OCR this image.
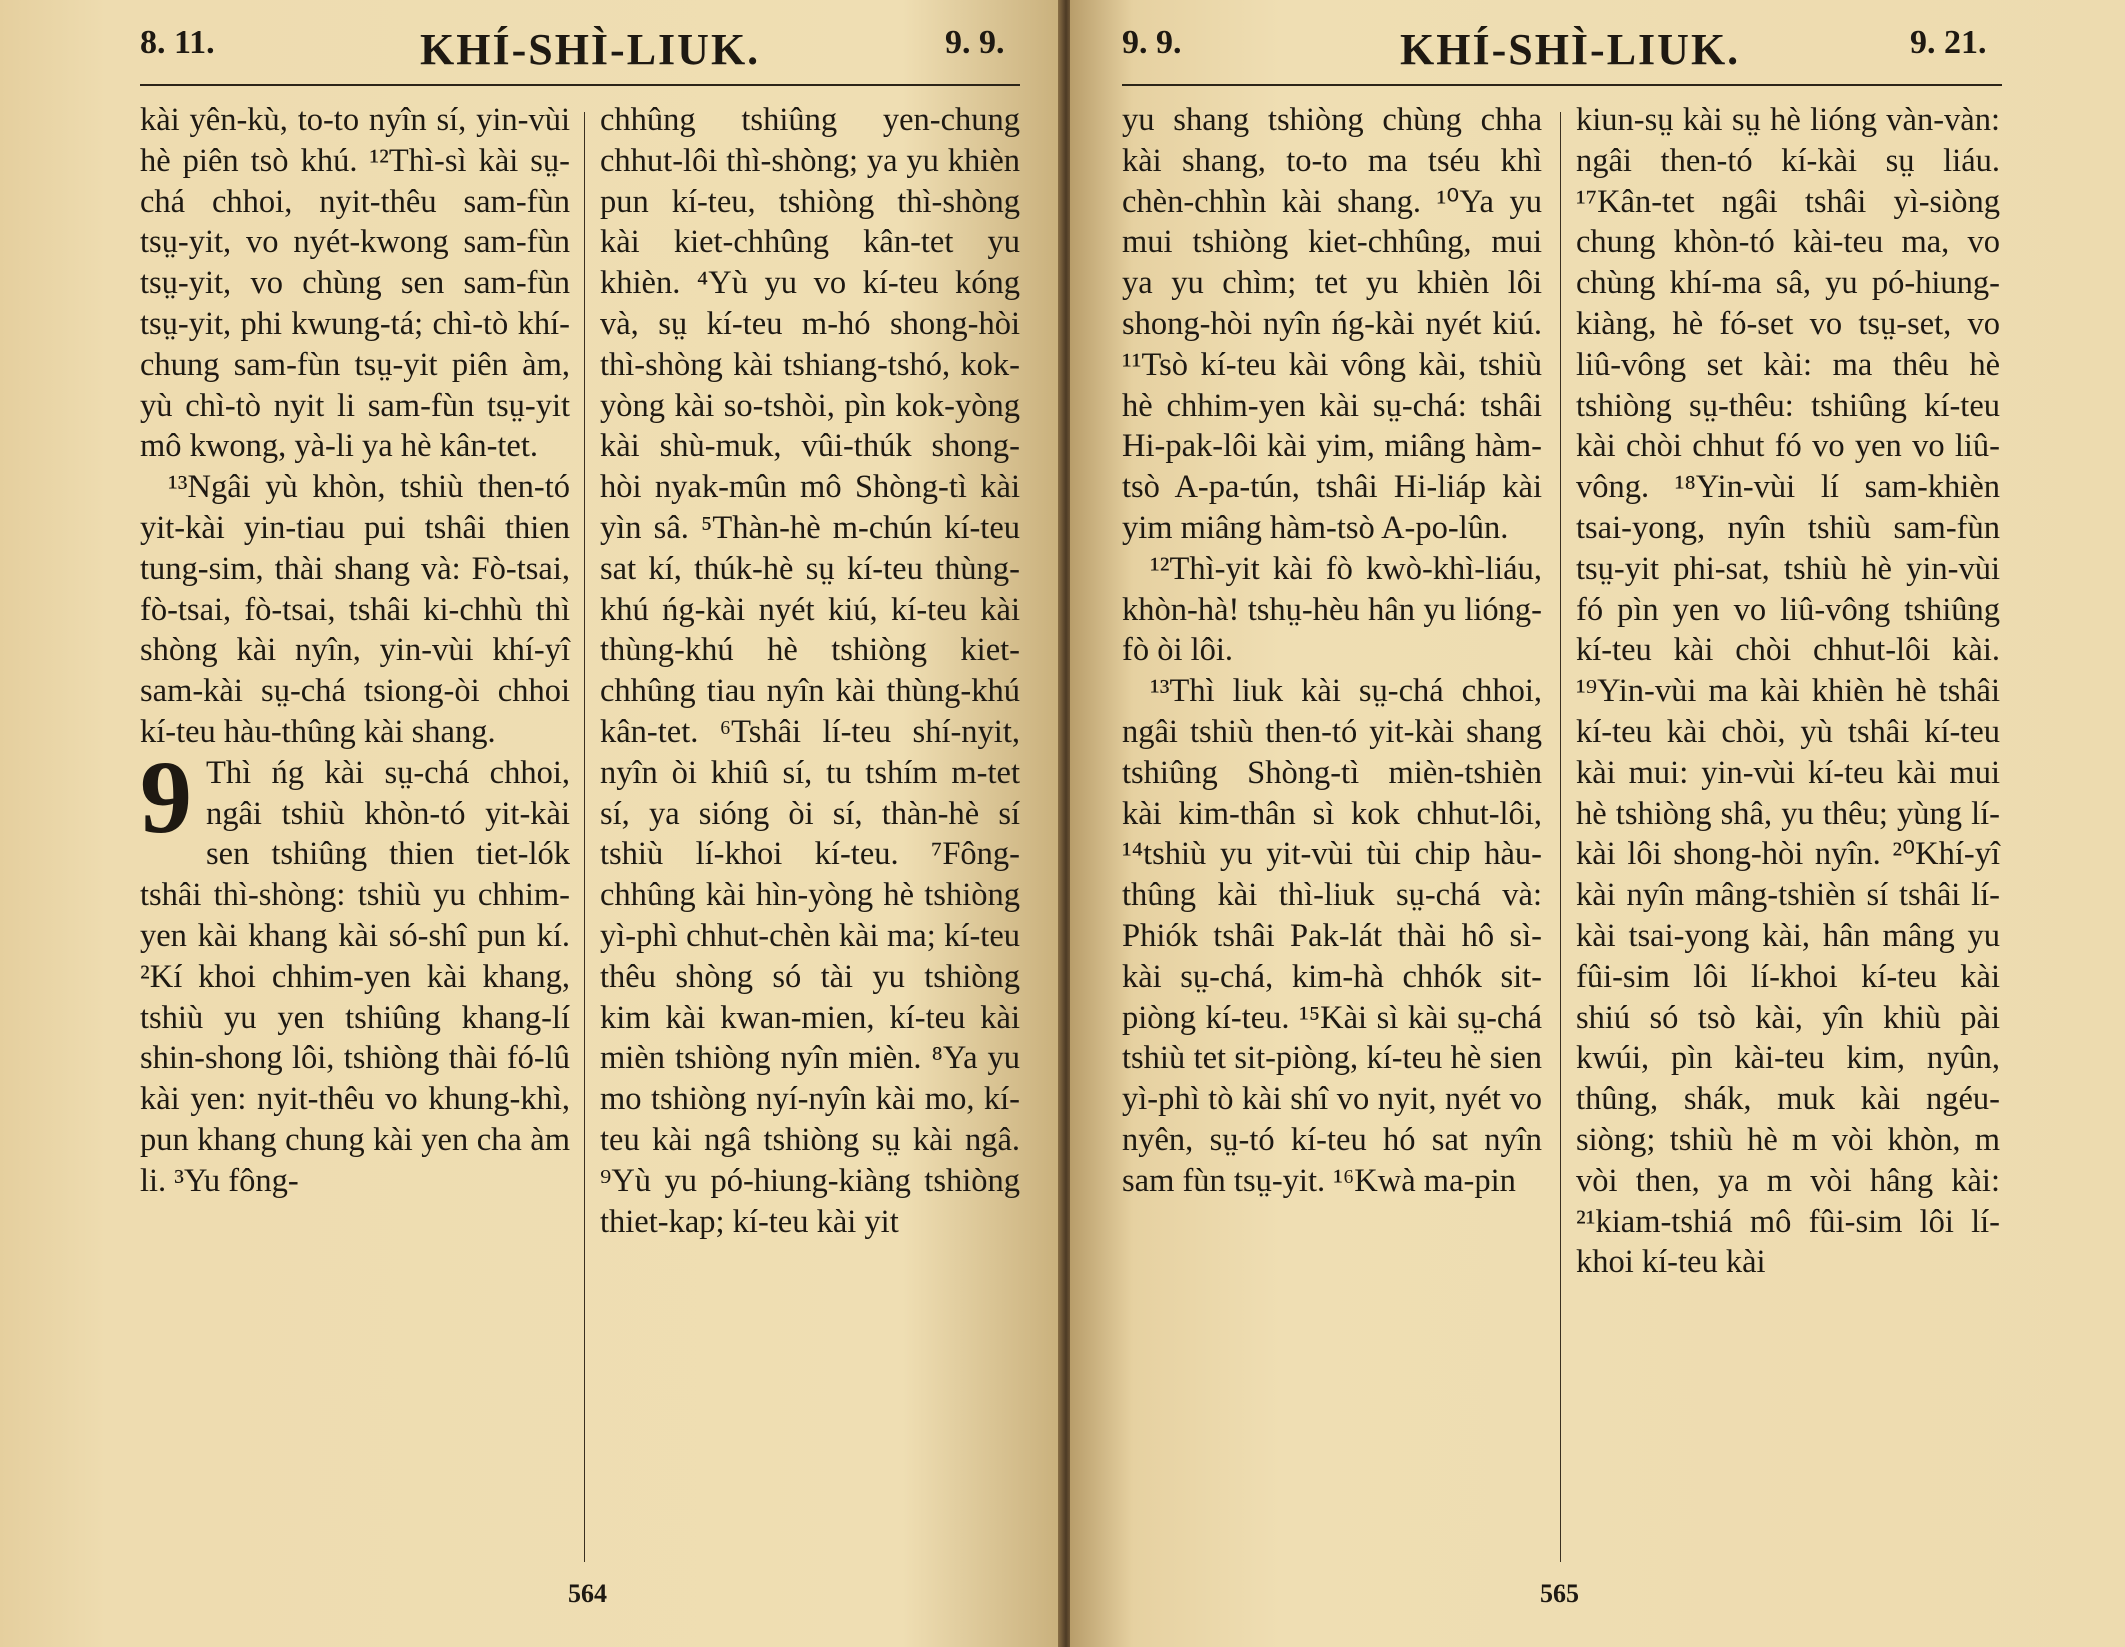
8. 11.	KHÍ-SHÌ-LIUK.	9. 9.

kài yên-kù, to-to nyîn sí, yin-vùi hè piên tsò khú. ¹²Thì-sì kài sṳ-chá chhoi, nyit-thêu sam-fùn tsṳ-yit, vo nyét-kwong sam-fùn tsṳ-yit, vo chùng sen sam-fùn tsṳ-yit, phi kwung-tá; chì-tò khí-chung sam-fùn tsṳ-yit piên àm, yù chì-tò nyit li sam-fùn tsṳ-yit mô kwong, yà-li ya hè kân-tet.

¹³Ngâi yù khòn, tshiù then-tó yit-kài yin-tiau pui tshâi thien tung-sim, thài shang và: Fò-tsai, fò-tsai, fò-tsai, tshâi ki-chhù thì shòng kài nyîn, yin-vùi khí-yî sam-kài sṳ-chá tsiong-òi chhoi kí-teu hàu-thûng kài shang.

9 Thì ńg kài sṳ-chá chhoi, ngâi tshiù khòn-tó yit-kài sen tshiûng thien tiet-lók tshâi thì-shòng: tshiù yu chhim-yen kài khang kài só-shî pun kí. ²Kí khoi chhim-yen kài khang, tshiù yu yen tshiûng khang-lí shin-shong lôi, tshiòng thài fó-lû kài yen: nyit-thêu vo khung-khì, pun khang chung kài yen cha àm li. ³Yu fông-

chhûng tshiûng yen-chung chhut-lôi thì-shòng; ya yu khièn pun kí-teu, tshiòng thì-shòng kài kiet-chhûng kân-tet yu khièn. ⁴Yù yu vo kí-teu kóng và, sṳ kí-teu m-hó shong-hòi thì-shòng kài tshiang-tshó, kok-yòng kài so-tshòi, pìn kok-yòng kài shù-muk, vûi-thúk shong-hòi nyak-mûn mô Shòng-tì kài yìn sâ. ⁵Thàn-hè m-chún kí-teu sat kí, thúk-hè sṳ kí-teu thùng-khú ńg-kài nyét kiú, kí-teu kài thùng-khú hè tshiòng kiet-chhûng tiau nyîn kài thùng-khú kân-tet. ⁶Tshâi lí-teu shí-nyit, nyîn òi khiû sí, tu tshím m-tet sí, ya sióng òi sí, thàn-hè sí tshiù lí-khoi kí-teu. ⁷Fông-chhûng kài hìn-yòng hè tshiòng yì-phì chhut-chèn kài ma; kí-teu thêu shòng só tài yu tshiòng kim kài kwan-mien, kí-teu kài mièn tshiòng nyîn mièn. ⁸Ya yu mo tshiòng nyí-nyîn kài mo, kí-teu kài ngâ tshiòng sṳ kài ngâ. ⁹Yù yu pó-hiung-kiàng tshiòng thiet-kap; kí-teu kài yit

564
9. 9.	KHÍ-SHÌ-LIUK.	9. 21.

yu shang tshiòng chùng chha kài shang, to-to ma tséu khì chèn-chhìn kài shang. ¹⁰Ya yu mui tshiòng kiet-chhûng, mui ya yu chìm; tet yu khièn lôi shong-hòi nyîn ńg-kài nyét kiú. ¹¹Tsò kí-teu kài vông kài, tshiù hè chhim-yen kài sṳ-chá: tshâi Hi-pak-lôi kài yim, miâng hàm-tsò A-pa-tún, tshâi Hi-liáp kài yim miâng hàm-tsò A-po-lûn.

¹²Thì-yit kài fò kwò-khì-liáu, khòn-hà! tshṳ-hèu hân yu lióng-fò òi lôi.

¹³Thì liuk kài sṳ-chá chhoi, ngâi tshiù then-tó yit-kài shang tshiûng Shòng-tì mièn-tshièn kài kim-thân sì kok chhut-lôi, ¹⁴tshiù yu yit-vùi tùi chip hàu-thûng kài thì-liuk sṳ-chá và: Phiók tshâi Pak-lát thài hô sì-kài sṳ-chá, kim-hà chhók sit-piòng kí-teu. ¹⁵Kài sì kài sṳ-chá tshiù tet sit-piòng, kí-teu hè sien yì-phì tò kài shî vo nyit, nyét vo nyên, sṳ-tó kí-teu hó sat nyîn sam fùn tsṳ-yit. ¹⁶Kwà ma-pin

kiun-sṳ kài sṳ hè lióng vàn-vàn: ngâi then-tó kí-kài sṳ liáu. ¹⁷Kân-tet ngâi tshâi yì-siòng chung khòn-tó kài-teu ma, vo chùng khí-ma sâ, yu pó-hiung-kiàng, hè fó-set vo tsṳ-set, vo liû-vông set kài: ma thêu hè tshiòng sṳ-thêu: tshiûng kí-teu kài chòi chhut fó vo yen vo liû-vông. ¹⁸Yin-vùi lí sam-khièn tsai-yong, nyîn tshiù sam-fùn tsṳ-yit phi-sat, tshiù hè yin-vùi fó pìn yen vo liû-vông tshiûng kí-teu kài chòi chhut-lôi kài. ¹⁹Yin-vùi ma kài khièn hè tshâi kí-teu kài chòi, yù tshâi kí-teu kài mui: yin-vùi kí-teu kài mui hè tshiòng shâ, yu thêu; yùng lí-kài lôi shong-hòi nyîn. ²⁰Khí-yî kài nyîn mâng-tshièn sí tshâi lí-kài tsai-yong kài, hân mâng yu fûi-sim lôi lí-khoi kí-teu kài shiú só tsò kài, yîn khiù pài kwúi, pìn kài-teu kim, nyûn, thûng, shák, muk kài ngéu-siòng; tshiù hè m vòi khòn, m vòi then, ya m vòi hâng kài: ²¹kiam-tshiá mô fûi-sim lôi lí-khoi kí-teu kài

565
